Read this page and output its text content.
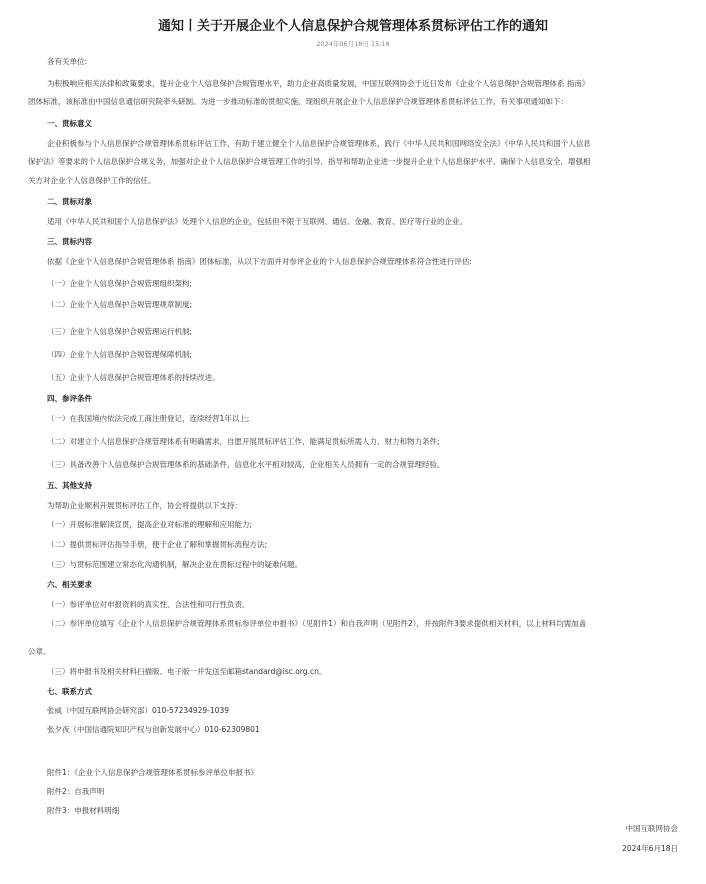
通知丨关于开展企业个人信息保护合规管理体系贯标评估工作的通知
2024年06月18日 15:18
各有关单位:
为积极响应相关法律和政策要求，提升企业个人信息保护合规管理水平，助力企业高质量发展，中国互联网协会于近日发布《企业个人信息保护合规管理体系 指南》
团体标准，该标准由中国信息通信研究院牵头研制。为进一步推动标准的贯彻实施，现组织开展企业个人信息保护合规管理体系贯标评估工作，有关事项通知如下：
一、贯标意义
企业积极参与个人信息保护合规管理体系贯标评估工作，有助于建立健全个人信息保护合规管理体系，践行《中华人民共和国网络安全法》《中华人民共和国个人信息
保护法》等要求的个人信息保护合规义务，加强对企业个人信息保护合规管理工作的引导，指导和帮助企业进一步提升企业个人信息保护水平，确保个人信息安全，增强相
关方对企业个人信息保护工作的信任。
二、贯标对象
适用《中华人民共和国个人信息保护法》处理个人信息的企业，包括但不限于互联网、通信、金融、教育、医疗等行业的企业。
三、贯标内容
依据《企业个人信息保护合规管理体系 指南》团体标准，从以下方面并对参评企业的个人信息保护合规管理体系符合性进行评估:
（一）企业个人信息保护合规管理组织架构;
（二）企业个人信息保护合规管理规章制度;
（三）企业个人信息保护合规管理运行机制;
（四）企业个人信息保护合规管理保障机制;
（五）企业个人信息保护合规管理体系的持续改进。
四、参评条件
（一）在我国境内依法完成工商注册登记，连续经营1年以上;
（二）对建立个人信息保护合规管理体系有明确需求，自愿开展贯标评估工作，能满足贯标所需人力、财力和物力条件;
（三）具备改善个人信息保护合规管理体系的基础条件，信息化水平相对较高，企业相关人员拥有一定的合规管理经验。
五、其他支持
为帮助企业顺利开展贯标评估工作，协会将提供以下支持：
（一）开展标准解读宣贯，提高企业对标准的理解和应用能力;
（二）提供贯标评估指导手册，便于企业了解和掌握贯标流程方法;
（三）与贯标范围建立常态化沟通机制，解决企业在贯标过程中的疑难问题。
六、相关要求
（一）参评单位对申报资料的真实性、合法性和可行性负责。
（二）参评单位填写《企业个人信息保护合规管理体系贯标参评单位申报书》（见附件1）和自我声明（见附件2），并按附件3要求提供相关材料，以上材料均需加盖
公章。
（三）将申报书及相关材料扫描版、电子版一并发送至邮箱standard@isc.org.cn。
七、联系方式
张威（中国互联网协会研究部）010-57234929-1039
张夕夜（中国信通院知识产权与创新发展中心）010-62309801
附件1：《企业个人信息保护合规管理体系贯标参评单位申报书》
附件2：自我声明
附件3：申报材料明细
中国互联网协会
2024年6月18日
